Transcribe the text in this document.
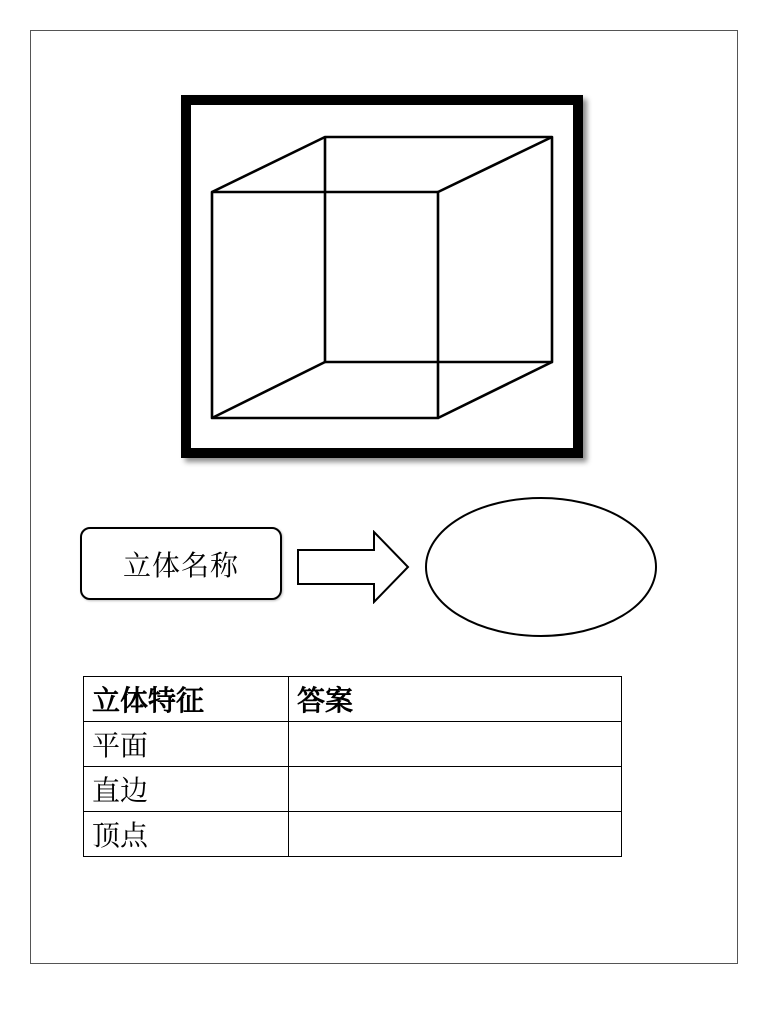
立体名称
立体特征	答案
平面	
直边	
顶点	
